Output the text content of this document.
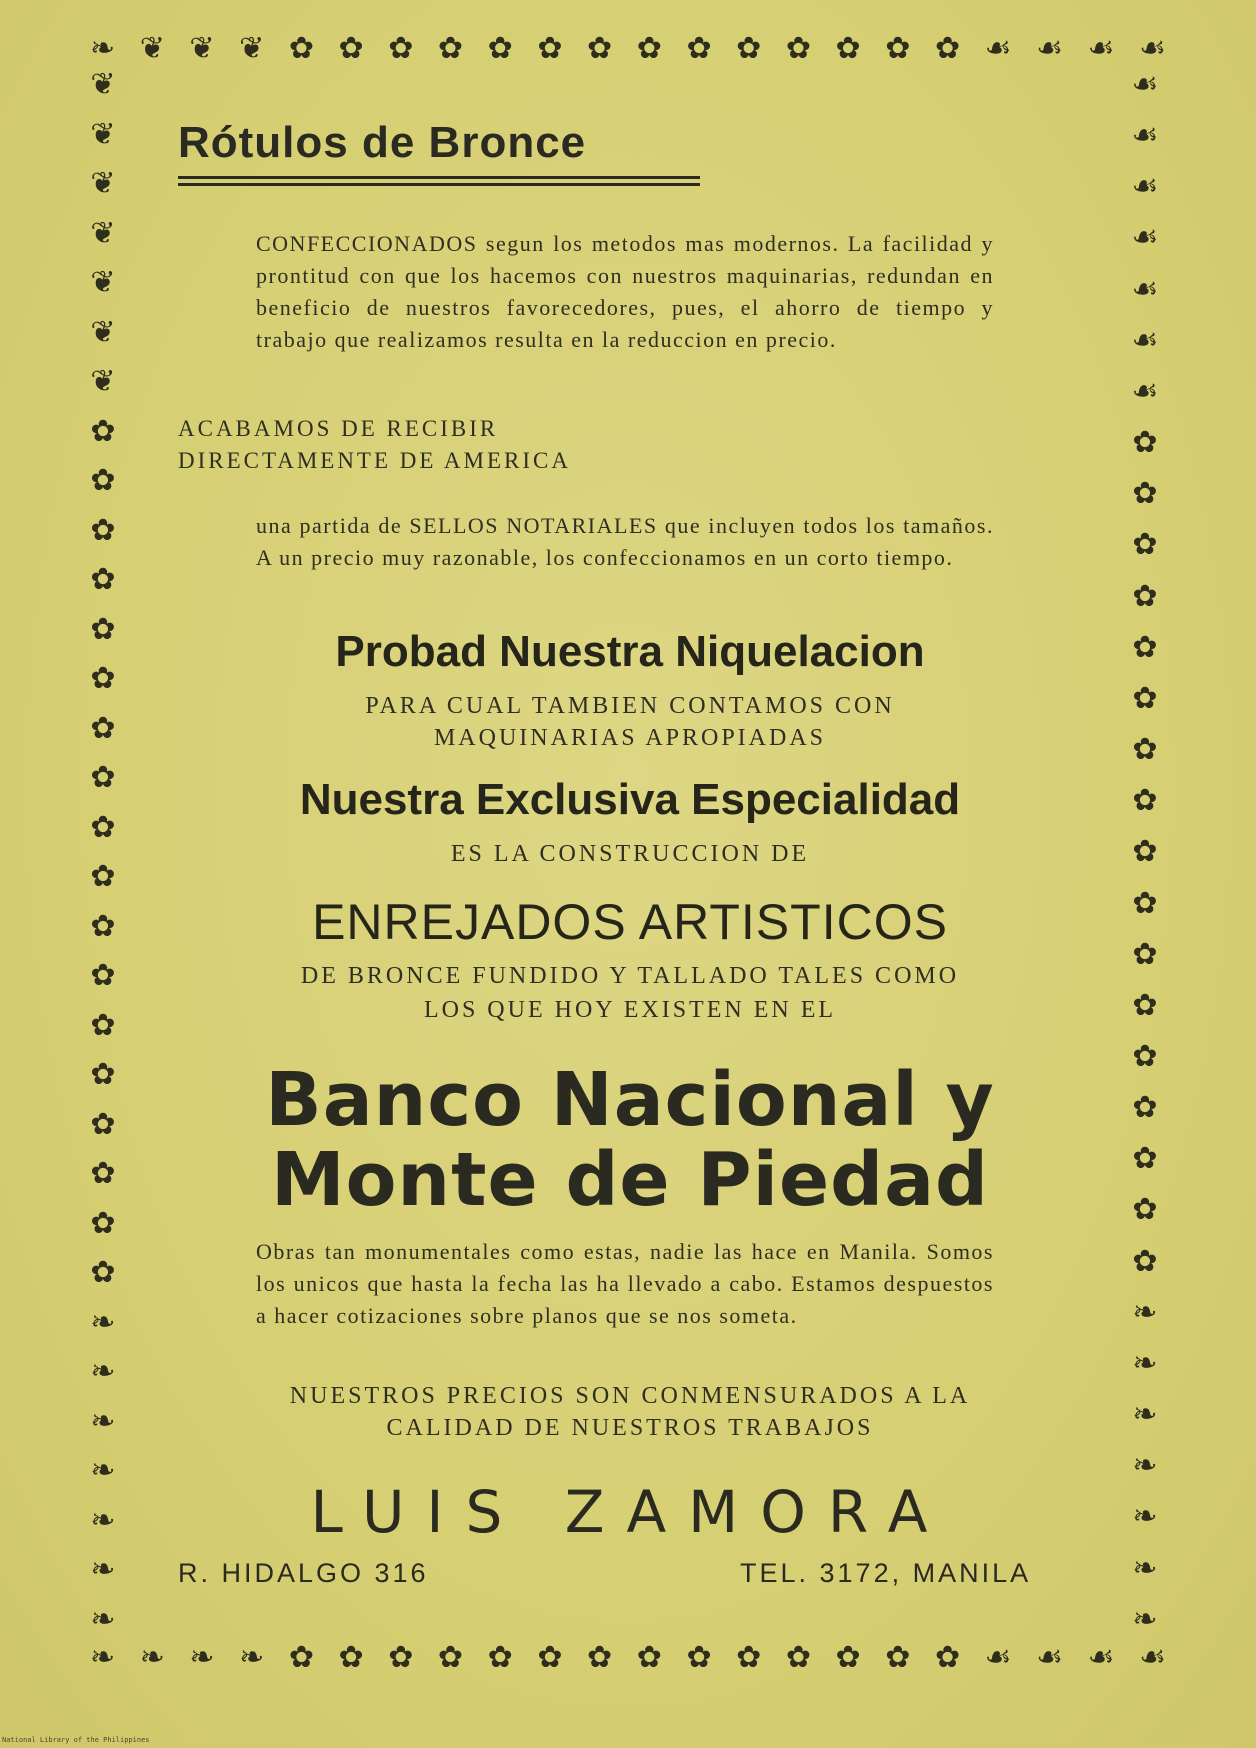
❧ ❦ ❦ ❦ ✿ ✿ ✿ ✿ ✿ ✿ ✿ ✿ ✿ ✿ ✿ ✿ ✿ ✿ ☙ ☙ ☙ ☙
❦
❦
❦
❦
❦
❦
❦
✿
✿
✿
✿
✿
✿
✿
✿
✿
✿
✿
✿
✿
✿
✿
✿
✿
✿
❧
❧
❧
❧
❧
❧
❧
☙
☙
☙
☙
☙
☙
☙
✿
✿
✿
✿
✿
✿
✿
✿
✿
✿
✿
✿
✿
✿
✿
✿
✿
❧
❧
❧
❧
❧
❧
❧
❧ ❧ ❧ ❧ ✿ ✿ ✿ ✿ ✿ ✿ ✿ ✿ ✿ ✿ ✿ ✿ ✿ ✿ ☙ ☙ ☙ ☙
Rótulos de Bronce

CONFECCIONADOS segun los metodos mas modernos. La facilidad y prontitud con que los hacemos con nuestros maquinarias, redundan en beneficio de nuestros favorecedores, pues, el ahorro de tiempo y trabajo que realizamos resulta en la reduccion en precio.

ACABAMOS DE RECIBIR

DIRECTAMENTE DE AMERICA

una partida de SELLOS NOTARIALES que incluyen todos los tamaños. A un precio muy razonable, los confeccionamos en un corto tiempo.

Probad Nuestra Niquelacion

PARA CUAL TAMBIEN CONTAMOS CON

MAQUINARIAS APROPIADAS

Nuestra Exclusiva Especialidad

ES LA CONSTRUCCION DE

ENREJADOS ARTISTICOS

DE BRONCE FUNDIDO Y TALLADO TALES COMO

LOS QUE HOY EXISTEN EN EL

Banco Nacional y

Monte de Piedad

Obras tan monumentales como estas, nadie las hace en Manila. Somos los unicos que hasta la fecha las ha llevado a cabo. Estamos despuestos a hacer cotizaciones sobre planos que se nos someta.

NUESTROS PRECIOS SON CONMENSURADOS A LA

CALIDAD DE NUESTROS TRABAJOS

LUIS ZAMORA

R. HIDALGO 316	TEL. 3172, MANILA

National Library of the Philippines
